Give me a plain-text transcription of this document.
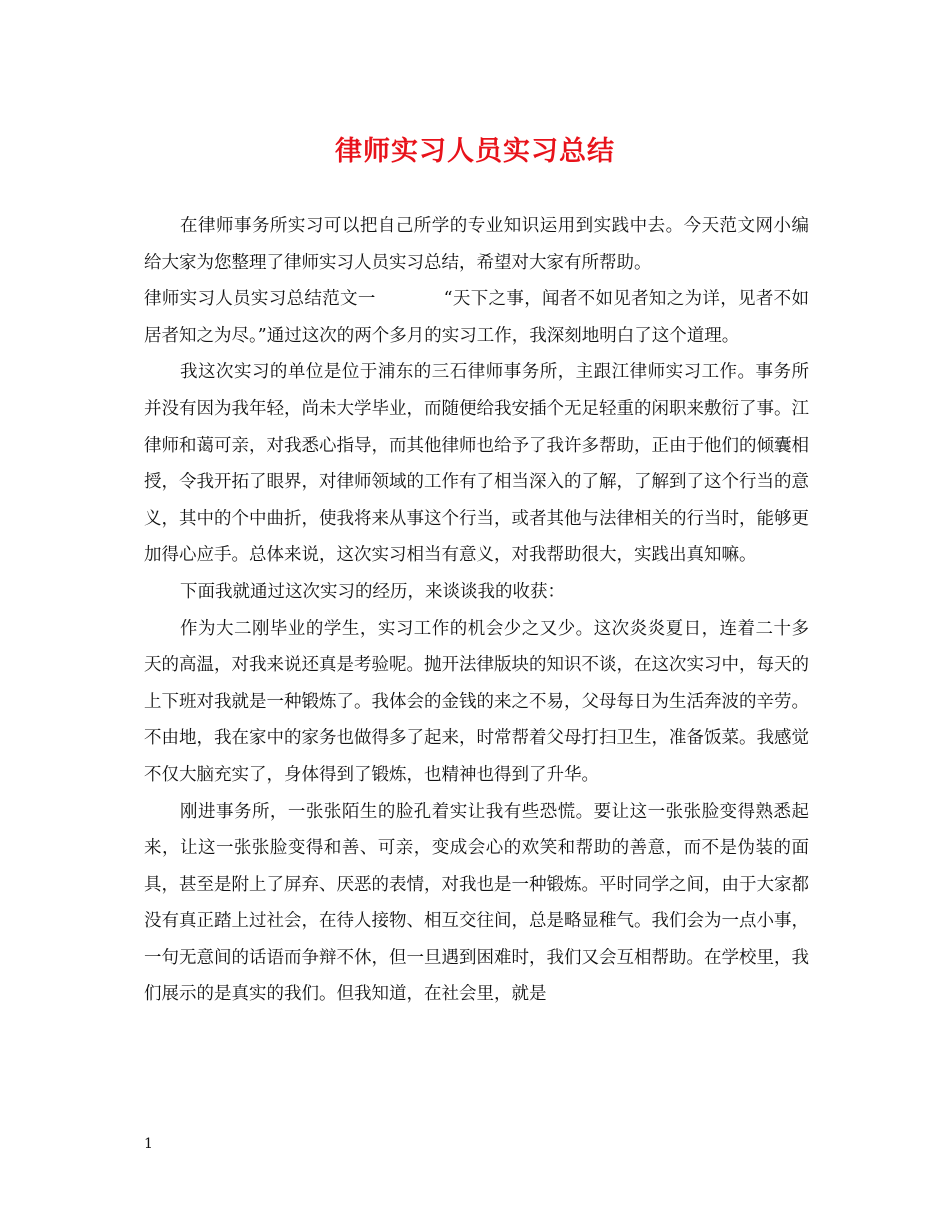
律师实习人员实习总结

在律师事务所实习可以把自己所学的专业知识运用到实践中去。今天范文网小编给大家为您整理了律师实习人员实习总结，希望对大家有所帮助。

律师实习人员实习总结范文一	“天下之事，闻者不如见者知之为详，见者不如居者知之为尽。”通过这次的两个多月的实习工作，我深刻地明白了这个道理。

我这次实习的单位是位于浦东的三石律师事务所，主跟江律师实习工作。事务所并没有因为我年轻，尚未大学毕业，而随便给我安插个无足轻重的闲职来敷衍了事。江律师和蔼可亲，对我悉心指导，而其他律师也给予了我许多帮助，正由于他们的倾囊相授，令我开拓了眼界，对律师领域的工作有了相当深入的了解，了解到了这个行当的意义，其中的个中曲折，使我将来从事这个行当，或者其他与法律相关的行当时，能够更加得心应手。总体来说，这次实习相当有意义，对我帮助很大，实践出真知嘛。

下面我就通过这次实习的经历，来谈谈我的收获：

作为大二刚毕业的学生，实习工作的机会少之又少。这次炎炎夏日，连着二十多天的高温，对我来说还真是考验呢。抛开法律版块的知识不谈，在这次实习中，每天的上下班对我就是一种锻炼了。我体会的金钱的来之不易，父母每日为生活奔波的辛劳。不由地，我在家中的家务也做得多了起来，时常帮着父母打扫卫生，准备饭菜。我感觉不仅大脑充实了，身体得到了锻炼，也精神也得到了升华。

刚进事务所，一张张陌生的脸孔着实让我有些恐慌。要让这一张张脸变得熟悉起来，让这一张张脸变得和善、可亲，变成会心的欢笑和帮助的善意，而不是伪装的面具，甚至是附上了屏弃、厌恶的表情，对我也是一种锻炼。平时同学之间，由于大家都没有真正踏上过社会，在待人接物、相互交往间，总是略显稚气。我们会为一点小事，一句无意间的话语而争辩不休，但一旦遇到困难时，我们又会互相帮助。在学校里，我们展示的是真实的我们。但我知道，在社会里，就是

1
